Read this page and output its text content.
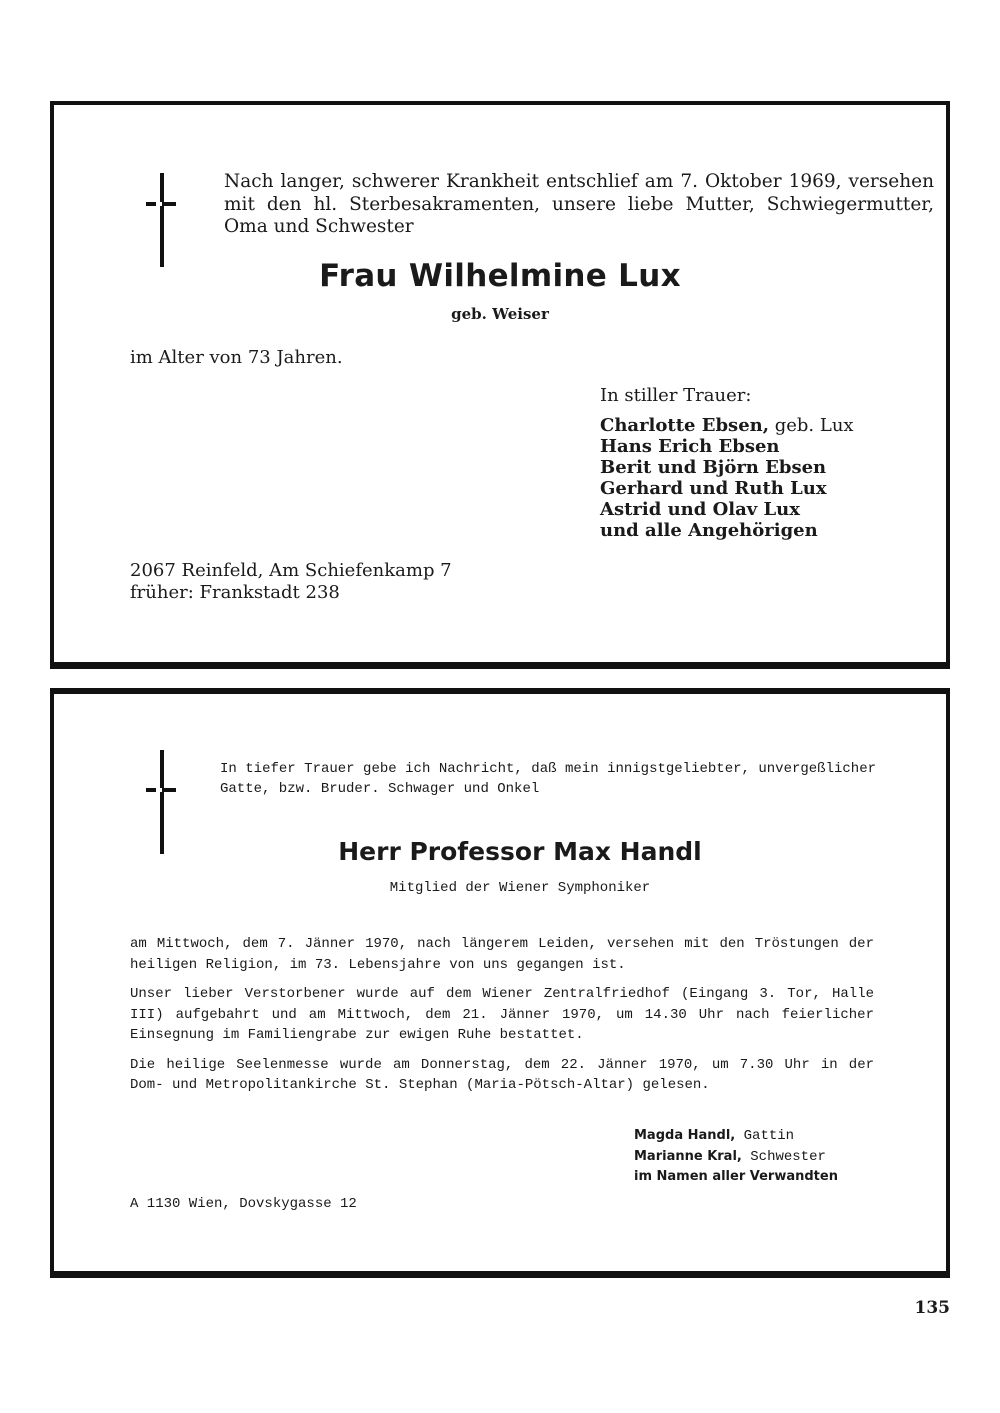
Nach langer, schwerer Krankheit entschlief am 7. Oktober 1969, versehen mit den hl. Sterbesakramenten, unsere liebe Mutter, Schwiegermutter, Oma und Schwester
Frau Wilhelmine Lux
geb. Weiser
im Alter von 73 Jahren.
In stiller Trauer:
Charlotte Ebsen, geb. Lux
Hans Erich Ebsen
Berit und Björn Ebsen
Gerhard und Ruth Lux
Astrid und Olav Lux
und alle Angehörigen
2067 Reinfeld, Am Schiefenkamp 7
früher: Frankstadt 238
In tiefer Trauer gebe ich Nachricht, daß mein innigstgeliebter, unvergeßlicher Gatte, bzw. Bruder. Schwager und Onkel
Herr Professor Max Handl
Mitglied der Wiener Symphoniker

am Mittwoch, dem 7. Jänner 1970, nach längerem Leiden, versehen mit den Tröstungen der heiligen Religion, im 73. Lebensjahre von uns gegangen ist.

Unser lieber Verstorbener wurde auf dem Wiener Zentralfriedhof (Eingang 3. Tor, Halle III) aufgebahrt und am Mittwoch, dem 21. Jänner 1970, um 14.30 Uhr nach feierlicher Einsegnung im Familiengrabe zur ewigen Ruhe bestattet.

Die heilige Seelenmesse wurde am Donnerstag, dem 22. Jänner 1970, um 7.30 Uhr in der Dom- und Metropolitankirche St. Stephan (Maria-Pötsch-Altar) gelesen.

Magda Handl, Gattin
Marianne Kral, Schwester
im Namen aller Verwandten
A 1130 Wien, Dovskygasse 12
135
